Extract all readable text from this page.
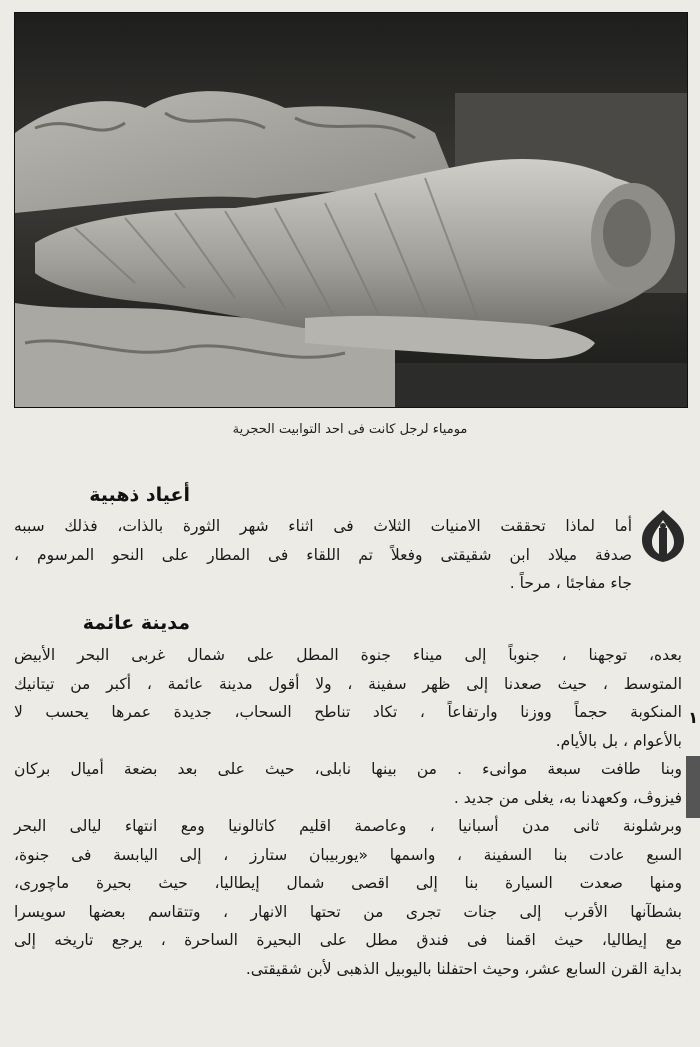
مومياء لرجل كانت فى احد التوابيت الحجرية
أعياد ذهبية
أما لماذا تحققت الامنيات الثلاث فى اثناء شهر الثورة بالذات، فذلك سببه
صدفة ميلاد ابن شقيقتى وفعلاً تم اللقاء فى المطار على النحو المرسوم ،
جاء مفاجئا ، مرحاً .
مدينة عائمة
بعده، توجهنا ، جنوباً إلى ميناء جنوة المطل على شمال غربى البحر الأبيض
المتوسط ، حيث صعدنا إلى ظهر سفينة ، ولا أقول مدينة عائمة ، أكبر من تيتانيك
المنكوبة حجماً ووزنا وارتفاعاً ، تكاد تناطح السحاب، جديدة عمرها يحسب لا
بالأعوام ، بل بالأيام.
وبنا طافت سبعة موانىء . من بينها نابلى، حيث على بعد بضعة أميال بركان
فيزوڤ، وكعهدنا به، يغلى من جديد .
وبرشلونة ثانى مدن أسبانيا ، وعاصمة اقليم كاتالونيا ومع انتهاء ليالى البحر
السبع عادت بنا السفينة ، واسمها «يوربيبان ستارز ، إلى اليابسة فى جنوة،
ومنها صعدت السيارة بنا إلى اقصى شمال إيطاليا، حيث بحيرة ماچورى،
بشطآنها الأقرب إلى جنات تجرى من تحتها الانهار ، وتتقاسم بعضها سويسرا
مع إيطاليا، حيث اقمنا فى فندق مطل على البحيرة الساحرة ، يرجع تاريخه إلى
بداية القرن السابع عشر، وحيث احتفلنا باليوبيل الذهبى لأبن شقيقتى.
١
